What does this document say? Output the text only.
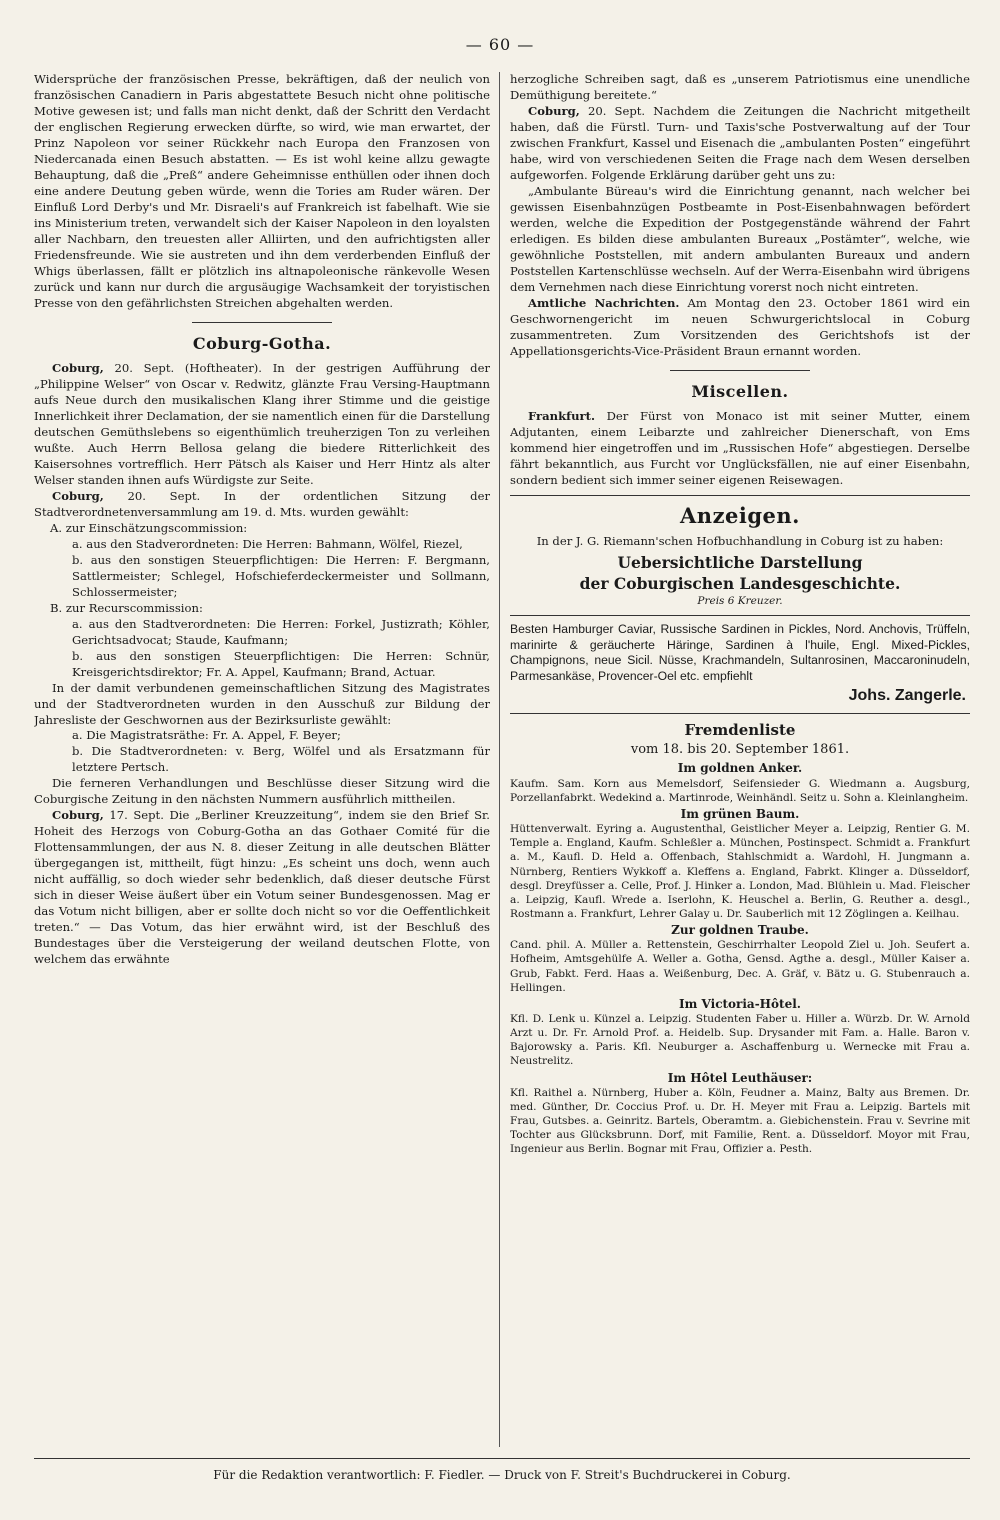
— 60 —

Widersprüche der französischen Presse, bekräftigen, daß der neulich von französischen Canadiern in Paris abgestattete Besuch nicht ohne politische Motive gewesen ist; und falls man nicht denkt, daß der Schritt den Verdacht der englischen Regierung erwecken dürfte, so wird, wie man erwartet, der Prinz Napoleon vor seiner Rückkehr nach Europa den Franzosen von Niedercanada einen Besuch abstatten. — Es ist wohl keine allzu gewagte Behauptung, daß die „Preß“ andere Geheimnisse enthüllen oder ihnen doch eine andere Deutung geben würde, wenn die Tories am Ruder wären. Der Einfluß Lord Derby's und Mr. Disraeli's auf Frankreich ist fabelhaft. Wie sie ins Ministerium treten, verwandelt sich der Kaiser Napoleon in den loyalsten aller Nachbarn, den treuesten aller Alliirten, und den aufrichtigsten aller Friedensfreunde. Wie sie austreten und ihn dem verderbenden Einfluß der Whigs überlassen, fällt er plötzlich ins altnapoleonische ränkevolle Wesen zurück und kann nur durch die argusäugige Wachsamkeit der toryistischen Presse von den gefährlichsten Streichen abgehalten werden.

Coburg-Gotha.

Coburg, 20. Sept. (Hoftheater). In der gestrigen Aufführung der „Philippine Welser“ von Oscar v. Redwitz, glänzte Frau Versing-Hauptmann aufs Neue durch den musikalischen Klang ihrer Stimme und die geistige Innerlichkeit ihrer Declamation, der sie namentlich einen für die Darstellung deutschen Gemüthslebens so eigenthümlich treuherzigen Ton zu verleihen wußte. Auch Herrn Bellosa gelang die biedere Ritterlichkeit des Kaisersohnes vortrefflich. Herr Pätsch als Kaiser und Herr Hintz als alter Welser standen ihnen aufs Würdigste zur Seite.

Coburg, 20. Sept. In der ordentlichen Sitzung der Stadtverordnetenversammlung am 19. d. Mts. wurden gewählt:

A. zur Einschätzungscommission:
a. aus den Stadverordneten: Die Herren: Bahmann, Wölfel, Riezel,
b. aus den sonstigen Steuerpflichtigen: Die Herren: F. Bergmann, Sattlermeister; Schlegel, Hofschieferdeckermeister und Sollmann, Schlossermeister;
B. zur Recurscommission:
a. aus den Stadtverordneten: Die Herren: Forkel, Justizrath; Köhler, Gerichtsadvocat; Staude, Kaufmann;
b. aus den sonstigen Steuerpflichtigen: Die Herren: Schnür, Kreisgerichtsdirektor; Fr. A. Appel, Kaufmann; Brand, Actuar.

In der damit verbundenen gemeinschaftlichen Sitzung des Magistrates und der Stadtverordneten wurden in den Ausschuß zur Bildung der Jahresliste der Geschwornen aus der Bezirksurliste gewählt:

a. Die Magistratsräthe: Fr. A. Appel, F. Beyer;
b. Die Stadtverordneten: v. Berg, Wölfel und als Ersatzmann für letztere Pertsch.

Die ferneren Verhandlungen und Beschlüsse dieser Sitzung wird die Coburgische Zeitung in den nächsten Nummern ausführlich mittheilen.

Coburg, 17. Sept. Die „Berliner Kreuzzeitung“, indem sie den Brief Sr. Hoheit des Herzogs von Coburg-Gotha an das Gothaer Comité für die Flottensammlungen, der aus N. 8. dieser Zeitung in alle deutschen Blätter übergegangen ist, mittheilt, fügt hinzu: „Es scheint uns doch, wenn auch nicht auffällig, so doch wieder sehr bedenklich, daß dieser deutsche Fürst sich in dieser Weise äußert über ein Votum seiner Bundesgenossen. Mag er das Votum nicht billigen, aber er sollte doch nicht so vor die Oeffentlichkeit treten.“ — Das Votum, das hier erwähnt wird, ist der Beschluß des Bundestages über die Versteigerung der weiland deutschen Flotte, von welchem das erwähnte

herzogliche Schreiben sagt, daß es „unserem Patriotismus eine unendliche Demüthigung bereitete.“

Coburg, 20. Sept. Nachdem die Zeitungen die Nachricht mitgetheilt haben, daß die Fürstl. Turn- und Taxis'sche Postverwaltung auf der Tour zwischen Frankfurt, Kassel und Eisenach die „ambulanten Posten“ eingeführt habe, wird von verschiedenen Seiten die Frage nach dem Wesen derselben aufgeworfen. Folgende Erklärung darüber geht uns zu:

„Ambulante Büreau's wird die Einrichtung genannt, nach welcher bei gewissen Eisenbahnzügen Postbeamte in Post-Eisenbahnwagen befördert werden, welche die Expedition der Postgegenstände während der Fahrt erledigen. Es bilden diese ambulanten Bureaux „Postämter“, welche, wie gewöhnliche Poststellen, mit andern ambulanten Bureaux und andern Poststellen Kartenschlüsse wechseln. Auf der Werra-Eisenbahn wird übrigens dem Vernehmen nach diese Einrichtung vorerst noch nicht eintreten.

Amtliche Nachrichten. Am Montag den 23. October 1861 wird ein Geschwornengericht im neuen Schwurgerichtslocal in Coburg zusammentreten. Zum Vorsitzenden des Gerichtshofs ist der Appellationsgerichts-Vice-Präsident Braun ernannt worden.

Miscellen.

Frankfurt. Der Fürst von Monaco ist mit seiner Mutter, einem Adjutanten, einem Leibarzte und zahlreicher Dienerschaft, von Ems kommend hier eingetroffen und im „Russischen Hofe“ abgestiegen. Derselbe fährt bekanntlich, aus Furcht vor Unglücksfällen, nie auf einer Eisenbahn, sondern bedient sich immer seiner eigenen Reisewagen.

Anzeigen.

In der J. G. Riemann'schen Hofbuchhandlung in Coburg ist zu haben:

Uebersichtliche Darstellung
der Coburgischen Landesgeschichte.
Preis 6 Kreuzer.
Besten Hamburger Caviar, Russische Sardinen in Pickles, Nord. Anchovis, Trüffeln, marinirte & geräucherte Häringe, Sardinen à l'huile, Engl. Mixed-Pickles, Champignons, neue Sicil. Nüsse, Krachmandeln, Sultanrosinen, Maccaroninudeln, Parmesankäse, Provencer-Oel etc. empfiehlt
Johs. Zangerle.
Fremdenliste
vom 18. bis 20. September 1861.
Im goldnen Anker.

Kaufm. Sam. Korn aus Memelsdorf, Seifensieder G. Wiedmann a. Augsburg, Porzellanfabrkt. Wedekind a. Martinrode, Weinhändl. Seitz u. Sohn a. Kleinlangheim.

Im grünen Baum.

Hüttenverwalt. Eyring a. Augustenthal, Geistlicher Meyer a. Leipzig, Rentier G. M. Temple a. England, Kaufm. Schleßler a. München, Postinspect. Schmidt a. Frankfurt a. M., Kaufl. D. Held a. Offenbach, Stahlschmidt a. Wardohl, H. Jungmann a. Nürnberg, Rentiers Wykkoff a. Kleffens a. England, Fabrkt. Klinger a. Düsseldorf, desgl. Dreyfüsser a. Celle, Prof. J. Hinker a. London, Mad. Blühlein u. Mad. Fleischer a. Leipzig, Kaufl. Wrede a. Iserlohn, K. Heuschel a. Berlin, G. Reuther a. desgl., Rostmann a. Frankfurt, Lehrer Galay u. Dr. Sauberlich mit 12 Zöglingen a. Keilhau.

Zur goldnen Traube.

Cand. phil. A. Müller a. Rettenstein, Geschirrhalter Leopold Ziel u. Joh. Seufert a. Hofheim, Amtsgehülfe A. Weller a. Gotha, Gensd. Agthe a. desgl., Müller Kaiser a. Grub, Fabkt. Ferd. Haas a. Weißenburg, Dec. A. Gräf, v. Bätz u. G. Stubenrauch a. Hellingen.

Im Victoria-Hôtel.

Kfl. D. Lenk u. Künzel a. Leipzig. Studenten Faber u. Hiller a. Würzb. Dr. W. Arnold Arzt u. Dr. Fr. Arnold Prof. a. Heidelb. Sup. Drysander mit Fam. a. Halle. Baron v. Bajorowsky a. Paris. Kfl. Neuburger a. Aschaffenburg u. Wernecke mit Frau a. Neustrelitz.

Im Hôtel Leuthäuser:

Kfl. Raithel a. Nürnberg, Huber a. Köln, Feudner a. Mainz, Balty aus Bremen. Dr. med. Günther, Dr. Coccius Prof. u. Dr. H. Meyer mit Frau a. Leipzig. Bartels mit Frau, Gutsbes. a. Geinritz. Bartels, Oberamtm. a. Giebichenstein. Frau v. Sevrine mit Tochter aus Glücksbrunn. Dorf, mit Familie, Rent. a. Düsseldorf. Moyor mit Frau, Ingenieur aus Berlin. Bognar mit Frau, Offizier a. Pesth.

Für die Redaktion verantwortlich: F. Fiedler. — Druck von F. Streit's Buchdruckerei in Coburg.
